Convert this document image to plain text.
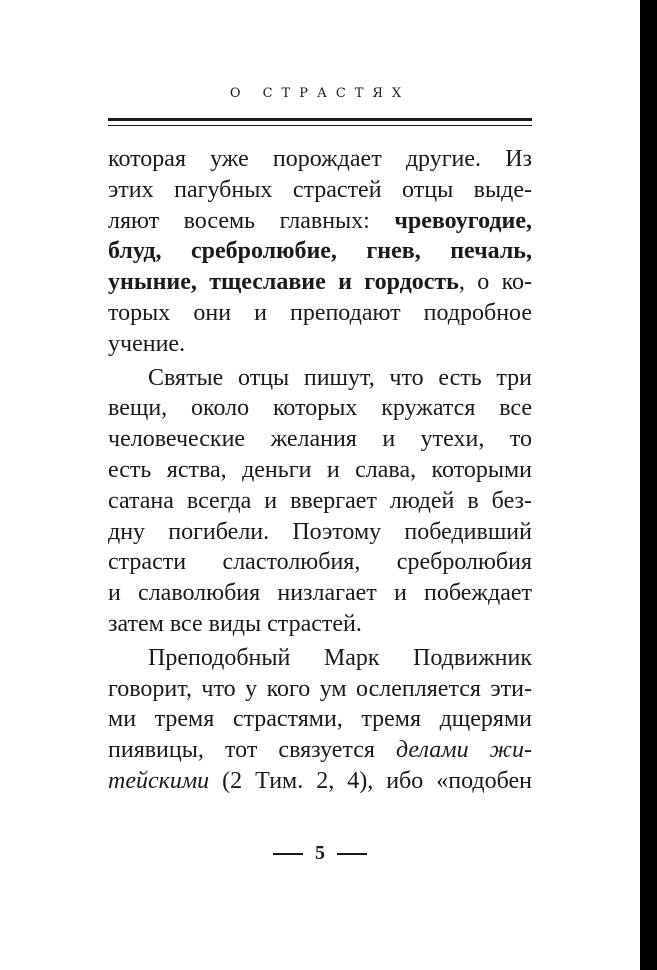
О СТРАСТЯХ
которая уже порождает другие. Из
этих пагубных страстей отцы выде-
ляют восемь главных: чревоугодие,
блуд, сребролюбие, гнев, печаль,
уныние, тщеславие и гордость, о ко-
торых они и преподают подробное
учение.
Святые отцы пишут, что есть три
вещи, около которых кружатся все
человеческие желания и утехи, то
есть яства, деньги и слава, которыми
сатана всегда и ввергает людей в без-
дну погибели. Поэтому победивший
страсти сластолюбия, сребролюбия
и славолюбия низлагает и побеждает
затем все виды страстей.
Преподобный Марк Подвижник
говорит, что у кого ум ослепляется эти-
ми тремя страстями, тремя дщерями
пиявицы, тот связуется делами жи-
тейскими (2 Тим. 2, 4), ибо «подобен
5
